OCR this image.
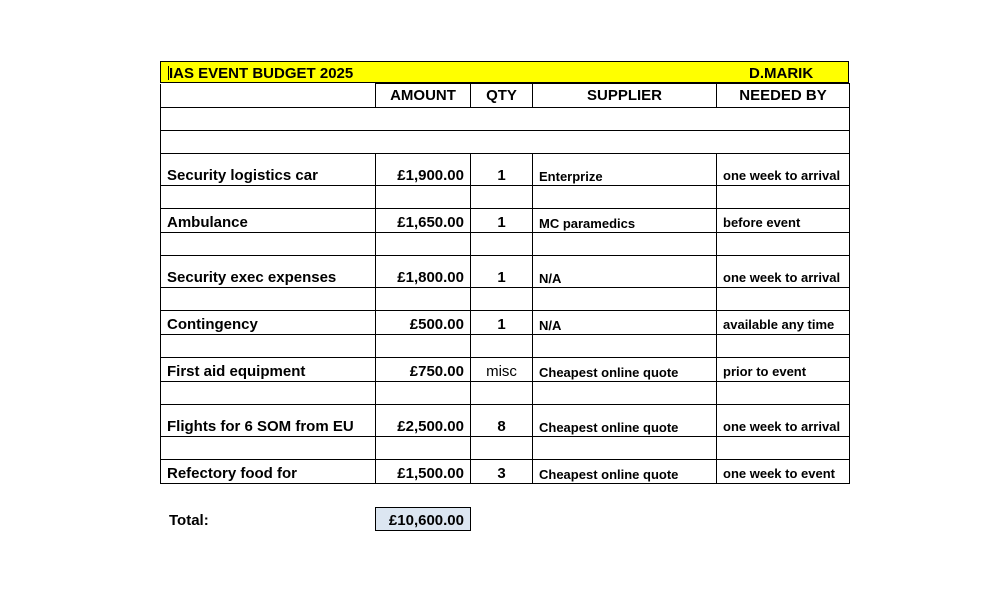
IAS EVENT BUDGET 2025	D.MARIK
	AMOUNT	QTY	SUPPLIER	NEEDED BY

Security logistics car	£1,900.00	1	Enterprize	one week to arrival

Ambulance	£1,650.00	1	MC paramedics	before event

Security exec expenses	£1,800.00	1	N/A	one week to arrival

Contingency	£500.00	1	N/A	available any time

First aid equipment	£750.00	misc	Cheapest online quote	prior to event

Flights for 6 SOM from EU	£2,500.00	8	Cheapest online quote	one week to arrival

Refectory food for	£1,500.00	3	Cheapest online quote	one week to event
Total:	£10,600.00
